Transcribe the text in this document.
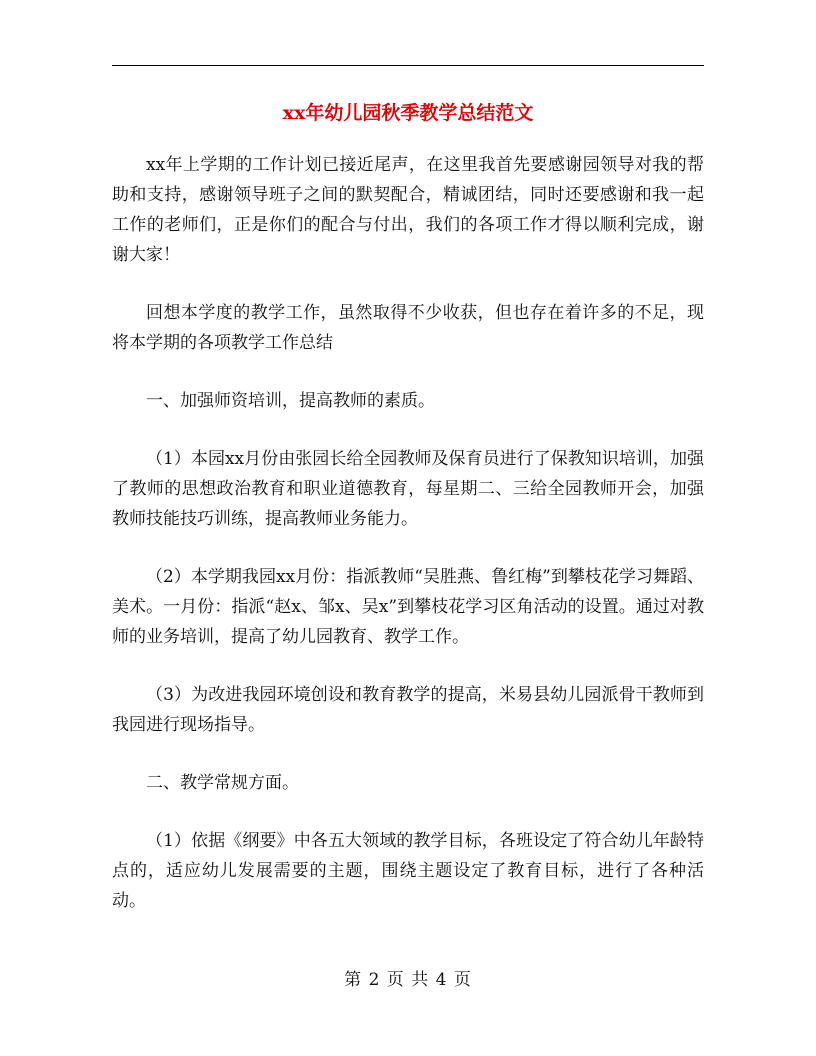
xx年幼儿园秋季教学总结范文

xx年上学期的工作计划已接近尾声，在这里我首先要感谢园领导对我的帮助和支持，感谢领导班子之间的默契配合，精诚团结，同时还要感谢和我一起工作的老师们，正是你们的配合与付出，我们的各项工作才得以顺利完成，谢谢大家！

回想本学度的教学工作，虽然取得不少收获，但也存在着许多的不足，现将本学期的各项教学工作总结

一、加强师资培训，提高教师的素质。

（1）本园xx月份由张园长给全园教师及保育员进行了保教知识培训，加强了教师的思想政治教育和职业道德教育，每星期二、三给全园教师开会，加强教师技能技巧训练，提高教师业务能力。

（2）本学期我园xx月份：指派教师“吴胜燕、鲁红梅”到攀枝花学习舞蹈、美术。一月份：指派“赵x、邹x、吴x”到攀枝花学习区角活动的设置。通过对教师的业务培训，提高了幼儿园教育、教学工作。

（3）为改进我园环境创设和教育教学的提高，米易县幼儿园派骨干教师到我园进行现场指导。

二、教学常规方面。

（1）依据《纲要》中各五大领域的教学目标，各班设定了符合幼儿年龄特点的，适应幼儿发展需要的主题，围绕主题设定了教育目标，进行了各种活动。

第 2 页 共 4 页
